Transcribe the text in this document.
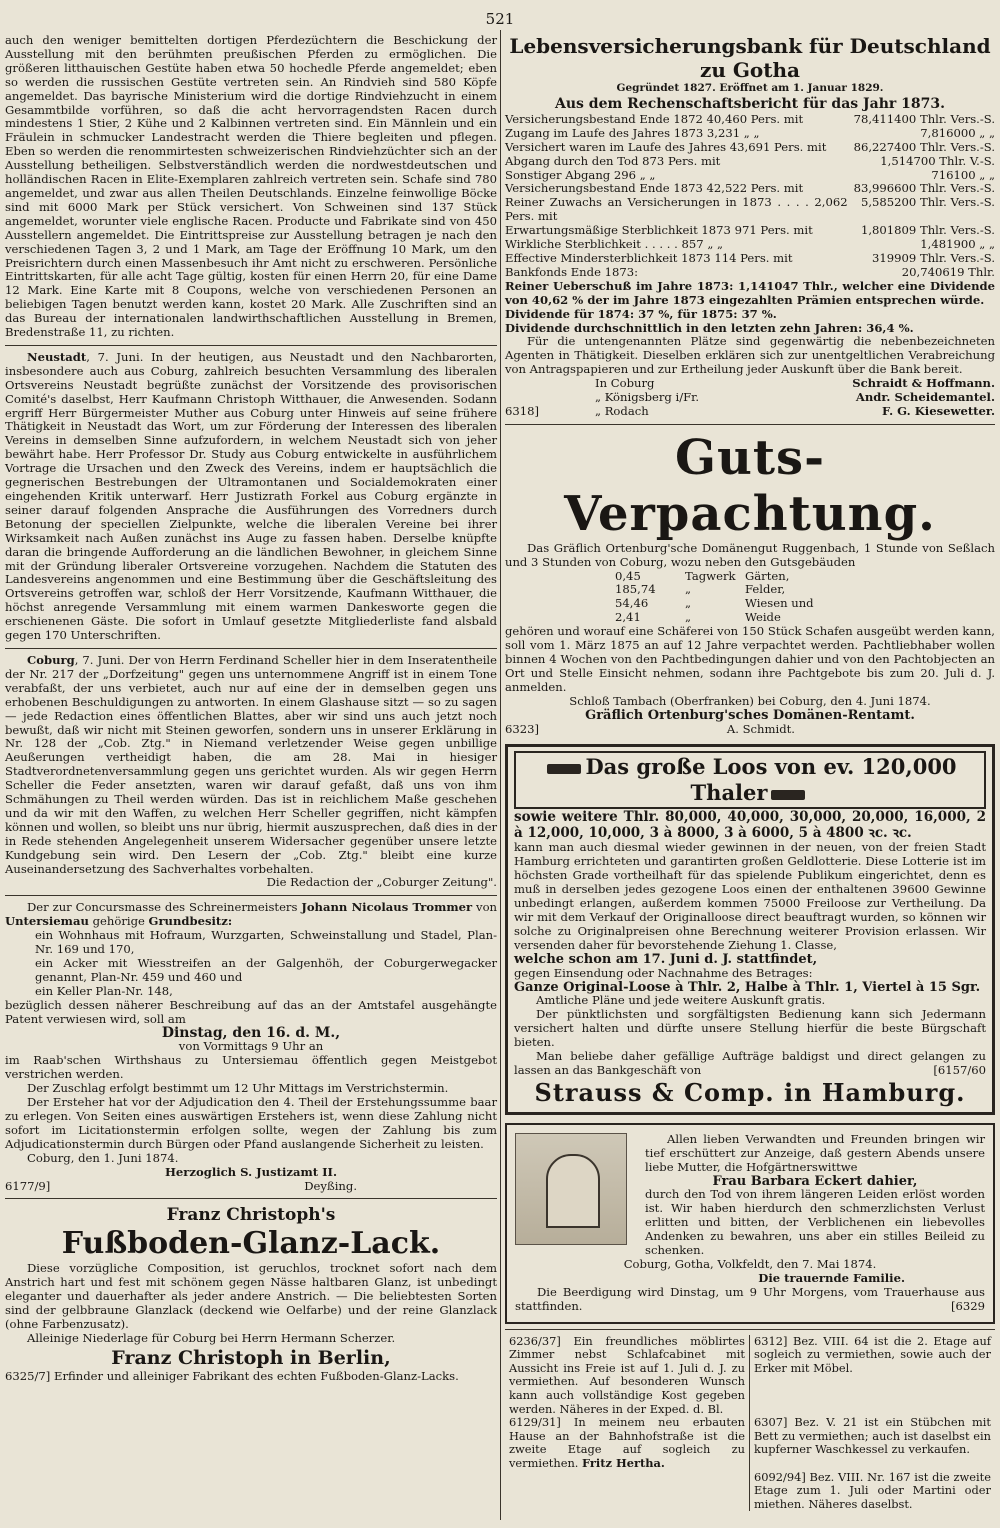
521

auch den weniger bemittelten dortigen Pferdezüchtern die Beschickung der Ausstellung mit den berühmten preußischen Pferden zu ermöglichen. Die größeren litthauischen Gestüte haben etwa 50 hochedle Pferde angemeldet; eben so werden die russischen Gestüte vertreten sein. An Rindvieh sind 580 Köpfe angemeldet. Das bayrische Ministerium wird die dortige Rindviehzucht in einem Gesammtbilde vorführen, so daß die acht hervorragendsten Racen durch mindestens 1 Stier, 2 Kühe und 2 Kalbinnen vertreten sind. Ein Männlein und ein Fräulein in schmucker Landestracht werden die Thiere begleiten und pflegen. Eben so werden die renommirtesten schweizerischen Rindviehzüchter sich an der Ausstellung betheiligen. Selbstverständlich werden die nordwestdeutschen und holländischen Racen in Elite-Exemplaren zahlreich vertreten sein. Schafe sind 780 angemeldet, und zwar aus allen Theilen Deutschlands. Einzelne feinwollige Böcke sind mit 6000 Mark per Stück versichert. Von Schweinen sind 137 Stück angemeldet, worunter viele englische Racen. Producte und Fabrikate sind von 450 Ausstellern angemeldet. Die Eintrittspreise zur Ausstellung betragen je nach den verschiedenen Tagen 3, 2 und 1 Mark, am Tage der Eröffnung 10 Mark, um den Preisrichtern durch einen Massenbesuch ihr Amt nicht zu erschweren. Persönliche Eintrittskarten, für alle acht Tage gültig, kosten für einen Herrn 20, für eine Dame 12 Mark. Eine Karte mit 8 Coupons, welche von verschiedenen Personen an beliebigen Tagen benutzt werden kann, kostet 20 Mark. Alle Zuschriften sind an das Bureau der internationalen landwirthschaftlichen Ausstellung in Bremen, Bredenstraße 11, zu richten.

Neustadt, 7. Juni. In der heutigen, aus Neustadt und den Nachbarorten, insbesondere auch aus Coburg, zahlreich besuchten Versammlung des liberalen Ortsvereins Neustadt begrüßte zunächst der Vorsitzende des provisorischen Comité's daselbst, Herr Kaufmann Christoph Witthauer, die Anwesenden. Sodann ergriff Herr Bürgermeister Muther aus Coburg unter Hinweis auf seine frühere Thätigkeit in Neustadt das Wort, um zur Förderung der Interessen des liberalen Vereins in demselben Sinne aufzufordern, in welchem Neustadt sich von jeher bewährt habe. Herr Professor Dr. Study aus Coburg entwickelte in ausführlichem Vortrage die Ursachen und den Zweck des Vereins, indem er hauptsächlich die gegnerischen Bestrebungen der Ultramontanen und Socialdemokraten einer eingehenden Kritik unterwarf. Herr Justizrath Forkel aus Coburg ergänzte in seiner darauf folgenden Ansprache die Ausführungen des Vorredners durch Betonung der speciellen Zielpunkte, welche die liberalen Vereine bei ihrer Wirksamkeit nach Außen zunächst ins Auge zu fassen haben. Derselbe knüpfte daran die bringende Aufforderung an die ländlichen Bewohner, in gleichem Sinne mit der Gründung liberaler Ortsvereine vorzugehen. Nachdem die Statuten des Landesvereins angenommen und eine Bestimmung über die Geschäftsleitung des Ortsvereins getroffen war, schloß der Herr Vorsitzende, Kaufmann Witthauer, die höchst anregende Versammlung mit einem warmen Dankesworte gegen die erschienenen Gäste. Die sofort in Umlauf gesetzte Mitgliederliste fand alsbald gegen 170 Unterschriften.

Coburg, 7. Juni. Der von Herrn Ferdinand Scheller hier in dem Inseratentheile der Nr. 217 der „Dorfzeitung" gegen uns unternommene Angriff ist in einem Tone verabfaßt, der uns verbietet, auch nur auf eine der in demselben gegen uns erhobenen Beschuldigungen zu antworten. In einem Glashause sitzt — so zu sagen — jede Redaction eines öffentlichen Blattes, aber wir sind uns auch jetzt noch bewußt, daß wir nicht mit Steinen geworfen, sondern uns in unserer Erklärung in Nr. 128 der „Cob. Ztg." in Niemand verletzender Weise gegen unbillige Aeußerungen vertheidigt haben, die am 28. Mai in hiesiger Stadtverordnetenversammlung gegen uns gerichtet wurden. Als wir gegen Herrn Scheller die Feder ansetzten, waren wir darauf gefaßt, daß uns von ihm Schmähungen zu Theil werden würden. Das ist in reichlichem Maße geschehen und da wir mit den Waffen, zu welchen Herr Scheller gegriffen, nicht kämpfen können und wollen, so bleibt uns nur übrig, hiermit auszusprechen, daß dies in der in Rede stehenden Angelegenheit unserem Widersacher gegenüber unsere letzte Kundgebung sein wird. Den Lesern der „Cob. Ztg." bleibt eine kurze Auseinandersetzung des Sachverhaltes vorbehalten.

Die Redaction der „Coburger Zeitung".

Der zur Concursmasse des Schreinermeisters Johann Nicolaus Trommer von Untersiemau gehörige Grundbesitz:

ein Wohnhaus mit Hofraum, Wurzgarten, Schweinstallung und Stadel, Plan-Nr. 169 und 170,

ein Acker mit Wiesstreifen an der Galgenhöh, der Coburgerwegacker genannt, Plan-Nr. 459 und 460 und

ein Keller Plan-Nr. 148,

bezüglich dessen näherer Beschreibung auf das an der Amtstafel ausgehängte Patent verwiesen wird, soll am

Dinstag, den 16. d. M.,

von Vormittags 9 Uhr an

im Raab'schen Wirthshaus zu Untersiemau öffentlich gegen Meistgebot verstrichen werden.

Der Zuschlag erfolgt bestimmt um 12 Uhr Mittags im Verstrichstermin.

Der Ersteher hat vor der Adjudication den 4. Theil der Erstehungssumme baar zu erlegen. Von Seiten eines auswärtigen Erstehers ist, wenn diese Zahlung nicht sofort im Licitationstermin erfolgen sollte, wegen der Zahlung bis zum Adjudicationstermin durch Bürgen oder Pfand auslangende Sicherheit zu leisten.

Coburg, den 1. Juni 1874.

Herzoglich S. Justizamt II.

6177/9]	Deyßing.

Franz Christoph's

Fußboden-Glanz-Lack.

Diese vorzügliche Composition, ist geruchlos, trocknet sofort nach dem Anstrich hart und fest mit schönem gegen Nässe haltbaren Glanz, ist unbedingt eleganter und dauerhafter als jeder andere Anstrich. — Die beliebtesten Sorten sind der gelbbraune Glanzlack (deckend wie Oelfarbe) und der reine Glanzlack (ohne Farbenzusatz).

Alleinige Niederlage für Coburg bei Herrn Hermann Scherzer.

Franz Christoph in Berlin,

6325/7] Erfinder und alleiniger Fabrikant des echten Fußboden-Glanz-Lacks.

Lebensversicherungsbank für Deutschland zu Gotha

Gegründet 1827. Eröffnet am 1. Januar 1829.

Aus dem Rechenschaftsbericht für das Jahr 1873.

Versicherungsbestand Ende 1872 40,460 Pers. mit	78,411400 Thlr. Vers.-S.
Zugang im Laufe des Jahres 1873 3,231 „ „	7,816000 „ „
Versichert waren im Laufe des Jahres 43,691 Pers. mit	86,227400 Thlr. Vers.-S.
Abgang durch den Tod 873 Pers. mit	1,514700 Thlr. V.-S.
Sonstiger Abgang 296 „ „	716100 „ „
Versicherungsbestand Ende 1873 42,522 Pers. mit	83,996600 Thlr. Vers.-S.
Reiner Zuwachs an Versicherungen in 1873 . . . . 2,062 Pers. mit
5,585200 Thlr. Vers.-S.
Erwartungsmäßige Sterblichkeit 1873 971 Pers. mit	1,801809 Thlr. Vers.-S.
Wirkliche Sterblichkeit . . . . . 857 „ „	1,481900 „ „
Effective Mindersterblichkeit 1873 114 Pers. mit	319909 Thlr. Vers.-S.
Bankfonds Ende 1873:	20,740619 Thlr.

Reiner Ueberschuß im Jahre 1873: 1,141047 Thlr., welcher eine Dividende von 40,62 % der im Jahre 1873 eingezahlten Prämien entsprechen würde.

Dividende für 1874: 37 %, für 1875: 37 %.

Dividende durchschnittlich in den letzten zehn Jahren: 36,4 %.

Für die untengenannten Plätze sind gegenwärtig die nebenbezeichneten Agenten in Thätigkeit. Dieselben erklären sich zur unentgeltlichen Verabreichung von Antragspapieren und zur Ertheilung jeder Auskunft über die Bank bereit.

In Coburg	Schraidt & Hoffmann.
„ Königsberg i/Fr.	Andr. Scheidemantel.
„ Rodach	F. G. Kiesewetter.

6318]

Guts-Verpachtung.

Das Gräflich Ortenburg'sche Domänengut Ruggenbach, 1 Stunde von Seßlach und 3 Stunden von Coburg, wozu neben den Gutsgebäuden

0,45	Tagwerk Gärten,
185,74	„	Felder,
54,46	„	Wiesen und
2,41	„	Weide

gehören und worauf eine Schäferei von 150 Stück Schafen ausgeübt werden kann, soll vom 1. März 1875 an auf 12 Jahre verpachtet werden. Pachtliebhaber wollen binnen 4 Wochen von den Pachtbedingungen dahier und von den Pachtobjecten an Ort und Stelle Einsicht nehmen, sodann ihre Pachtgebote bis zum 20. Juli d. J. anmelden.

Schloß Tambach (Oberfranken) bei Coburg, den 4. Juni 1874.

Gräflich Ortenburg'sches Domänen-Rentamt.

6323]	A. Schmidt.
Das große Loos von ev. 120,000 Thaler

sowie weitere Thlr. 80,000, 40,000, 30,000, 20,000, 16,000, 2 à 12,000, 10,000, 3 à 8000, 3 à 6000, 5 à 4800 ꝛc. ꝛc.

kann man auch diesmal wieder gewinnen in der neuen, von der freien Stadt Hamburg errichteten und garantirten großen Geldlotterie. Diese Lotterie ist im höchsten Grade vortheilhaft für das spielende Publikum eingerichtet, denn es muß in derselben jedes gezogene Loos einen der enthaltenen 39600 Gewinne unbedingt erlangen, außerdem kommen 75000 Freiloose zur Vertheilung. Da wir mit dem Verkauf der Originalloose direct beauftragt wurden, so können wir solche zu Originalpreisen ohne Berechnung weiterer Provision erlassen. Wir versenden daher für bevorstehende Ziehung 1. Classe,

welche schon am 17. Juni d. J. stattfindet,

gegen Einsendung oder Nachnahme des Betrages:

Ganze Original-Loose à Thlr. 2, Halbe à Thlr. 1, Viertel à 15 Sgr.

Amtliche Pläne und jede weitere Auskunft gratis.

Der pünktlichsten und sorgfältigsten Bedienung kann sich Jedermann versichert halten und dürfte unsere Stellung hierfür die beste Bürgschaft bieten.

Man beliebe daher gefällige Aufträge baldigst und direct gelangen zu lassen an das Bankgeschäft von	[6157/60

Strauss & Comp. in Hamburg.

Allen lieben Verwandten und Freunden bringen wir tief erschüttert zur Anzeige, daß gestern Abends unsere liebe Mutter, die Hofgärtnerswittwe

Frau Barbara Eckert dahier,

durch den Tod von ihrem längeren Leiden erlöst worden ist. Wir haben hierdurch den schmerzlichsten Verlust erlitten und bitten, der Verblichenen ein liebevolles Andenken zu bewahren, uns aber ein stilles Beileid zu schenken.

Coburg, Gotha, Volkfeldt, den 7. Mai 1874.

Die trauernde Familie.

Die Beerdigung wird Dinstag, um 9 Uhr Morgens, vom Trauerhause aus stattfinden.	[6329

6236/37] Ein freundliches möblirtes Zimmer nebst Schlafcabinet mit Aussicht ins Freie ist auf 1. Juli d. J. zu vermiethen. Auf besonderen Wunsch kann auch vollständige Kost gegeben werden. Näheres in der Exped. d. Bl.
6312] Bez. VIII. 64 ist die 2. Etage auf sogleich zu vermiethen, sowie auch der Erker mit Möbel.
6129/31] In meinem neu erbauten Hause an der Bahnhofstraße ist die zweite Etage auf sogleich zu vermiethen. Fritz Hertha.
6307] Bez. V. 21 ist ein Stübchen mit Bett zu vermiethen; auch ist daselbst ein kupferner Waschkessel zu verkaufen.
6092/94] Bez. VIII. Nr. 167 ist die zweite Etage zum 1. Juli oder Martini oder miethen. Näheres daselbst.
